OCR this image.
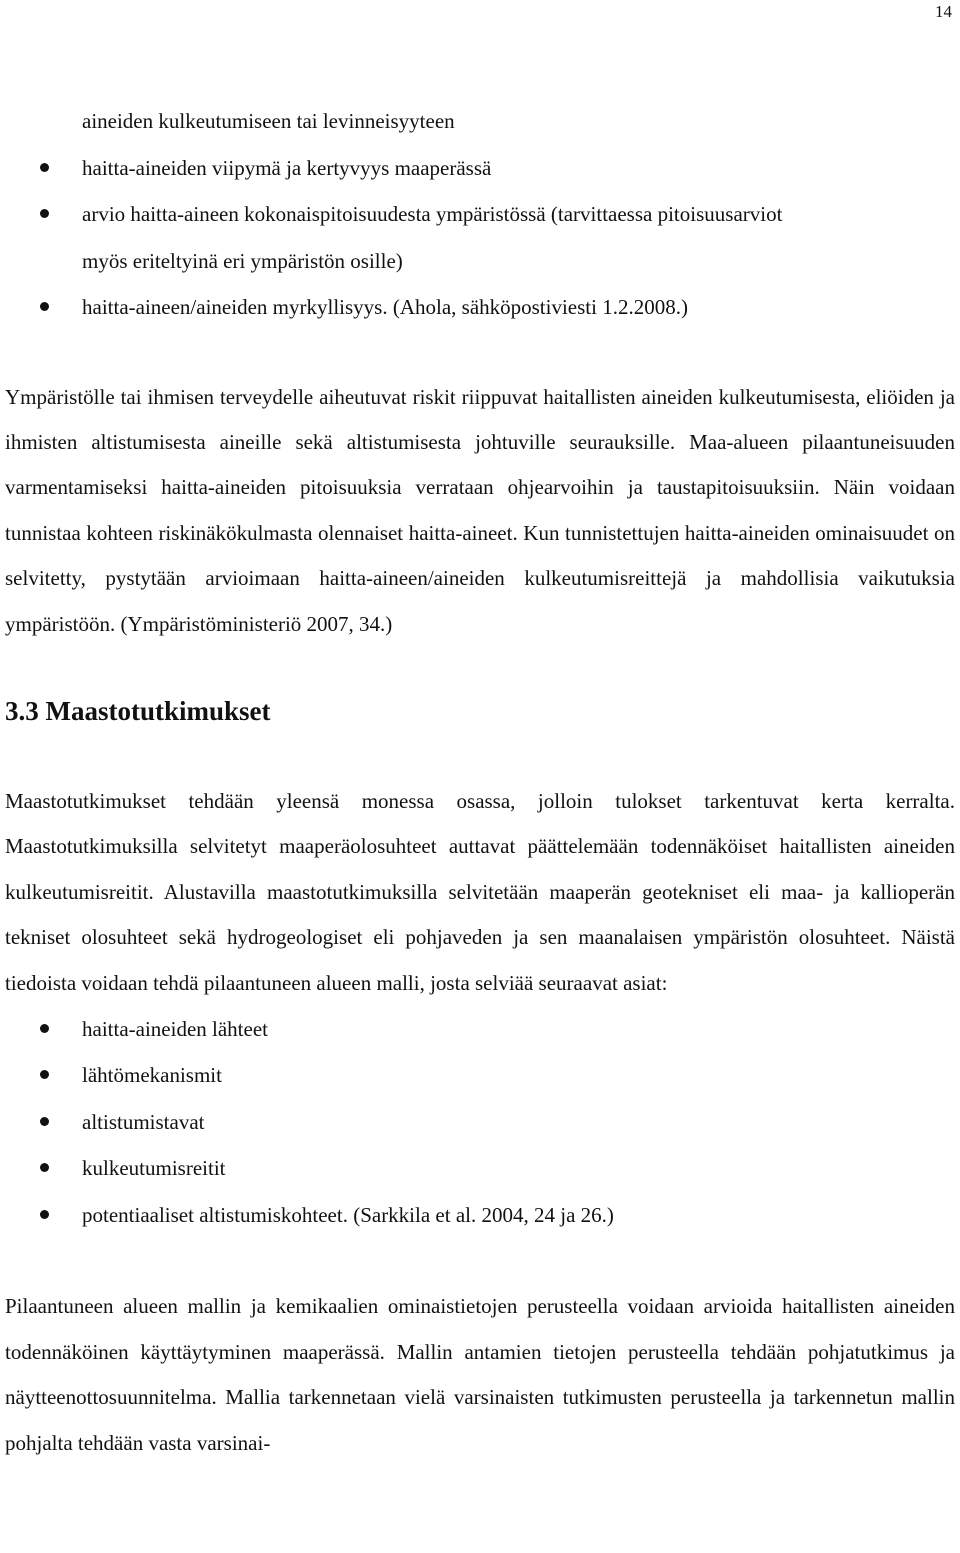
14
aineiden kulkeutumiseen tai levinneisyyteen
haitta-aineiden viipymä ja kertyvyys maaperässä
arvio haitta-aineen kokonaispitoisuudesta ympäristössä (tarvittaessa pitoisuusarviot
myös eriteltyinä eri ympäristön osille)
haitta-aineen/aineiden myrkyllisyys. (Ahola, sähköpostiviesti 1.2.2008.)

Ympäristölle tai ihmisen terveydelle aiheutuvat riskit riippuvat haitallisten aineiden kulkeutumisesta, eliöiden ja ihmisten altistumisesta aineille sekä altistumisesta johtuville seurauksille. Maa-alueen pilaantuneisuuden varmentamiseksi haitta-aineiden pitoisuuksia verrataan ohjearvoihin ja taustapitoisuuksiin. Näin voidaan tunnistaa kohteen riskinäkökulmasta olennaiset haitta-aineet. Kun tunnistettujen haitta-aineiden ominaisuudet on selvitetty, pystytään arvioimaan haitta-aineen/aineiden kulkeutumisreittejä ja mahdollisia vaikutuksia ympäristöön. (Ympäristöministeriö 2007, 34.)

3.3 Maastotutkimukset

Maastotutkimukset tehdään yleensä monessa osassa, jolloin tulokset tarkentuvat kerta kerralta. Maastotutkimuksilla selvitetyt maaperäolosuhteet auttavat päättelemään todennäköiset haitallisten aineiden kulkeutumisreitit. Alustavilla maastotutkimuksilla selvitetään maaperän geotekniset eli maa- ja kallioperän tekniset olosuhteet sekä hydrogeologiset eli pohjaveden ja sen maanalaisen ympäristön olosuhteet. Näistä tiedoista voidaan tehdä pilaantuneen alueen malli, josta selviää seuraavat asiat:

haitta-aineiden lähteet
lähtömekanismit
altistumistavat
kulkeutumisreitit
potentiaaliset altistumiskohteet. (Sarkkila et al. 2004, 24 ja 26.)

Pilaantuneen alueen mallin ja kemikaalien ominaistietojen perusteella voidaan arvioida haitallisten aineiden todennäköinen käyttäytyminen maaperässä. Mallin antamien tietojen perusteella tehdään pohjatutkimus ja näytteenottosuunnitelma. Mallia tarkennetaan vielä varsinaisten tutkimusten perusteella ja tarkennetun mallin pohjalta tehdään vasta varsinai-
